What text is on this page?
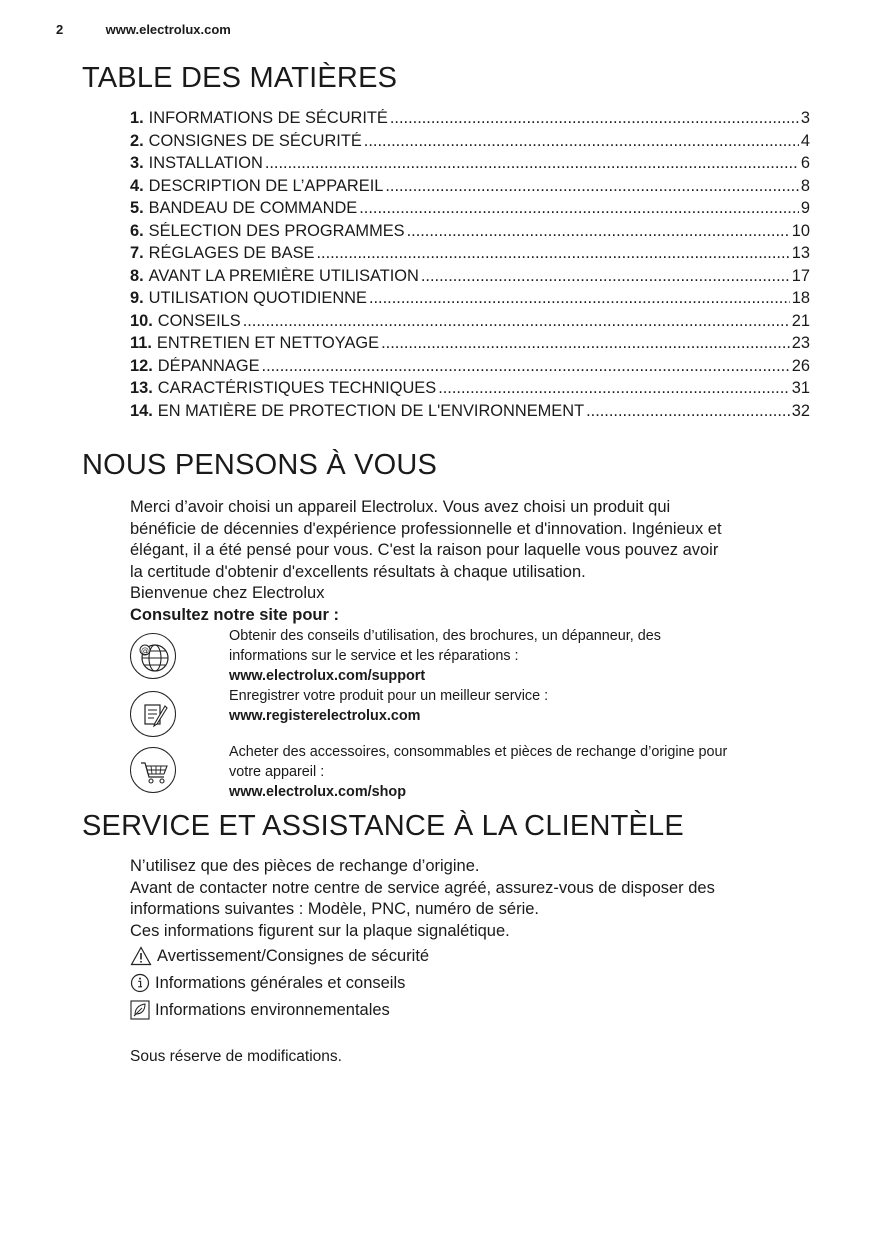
2	www.electrolux.com
TABLE DES MATIÈRES
1. INFORMATIONS DE SÉCURITÉ .....	3
2. CONSIGNES DE SÉCURITÉ .....	4
3. INSTALLATION .....	6
4. DESCRIPTION DE L’APPAREIL .....	8
5. BANDEAU DE COMMANDE .....	9
6. SÉLECTION DES PROGRAMMES .....	10
7. RÉGLAGES DE BASE .....	13
8. AVANT LA PREMIÈRE UTILISATION .....	17
9. UTILISATION QUOTIDIENNE .....	18
10. CONSEILS .....	21
11. ENTRETIEN ET NETTOYAGE .....	23
12. DÉPANNAGE .....	26
13. CARACTÉRISTIQUES TECHNIQUES .....	31
14. EN MATIÈRE DE PROTECTION DE L'ENVIRONNEMENT .....	32
NOUS PENSONS À VOUS

Merci d’avoir choisi un appareil Electrolux. Vous avez choisi un produit qui

bénéficie de décennies d'expérience professionnelle et d'innovation. Ingénieux et

élégant, il a été pensé pour vous. C'est la raison pour laquelle vous pouvez avoir

la certitude d'obtenir d'excellents résultats à chaque utilisation.

Bienvenue chez Electrolux

Consultez notre site pour :

@
Obtenir des conseils d’utilisation, des brochures, un dépanneur, des
informations sur le service et les réparations :
www.electrolux.com/support
Enregistrer votre produit pour un meilleur service :
www.registerelectrolux.com
Acheter des accessoires, consommables et pièces de rechange d’origine pour
votre appareil :
www.electrolux.com/shop
SERVICE ET ASSISTANCE À LA CLIENTÈLE

N’utilisez que des pièces de rechange d’origine.

Avant de contacter notre centre de service agréé, assurez-vous de disposer des

informations suivantes : Modèle, PNC, numéro de série.

Ces informations figurent sur la plaque signalétique.

Avertissement/Consignes de sécurité
Informations générales et conseils
Informations environnementales
Sous réserve de modifications.
